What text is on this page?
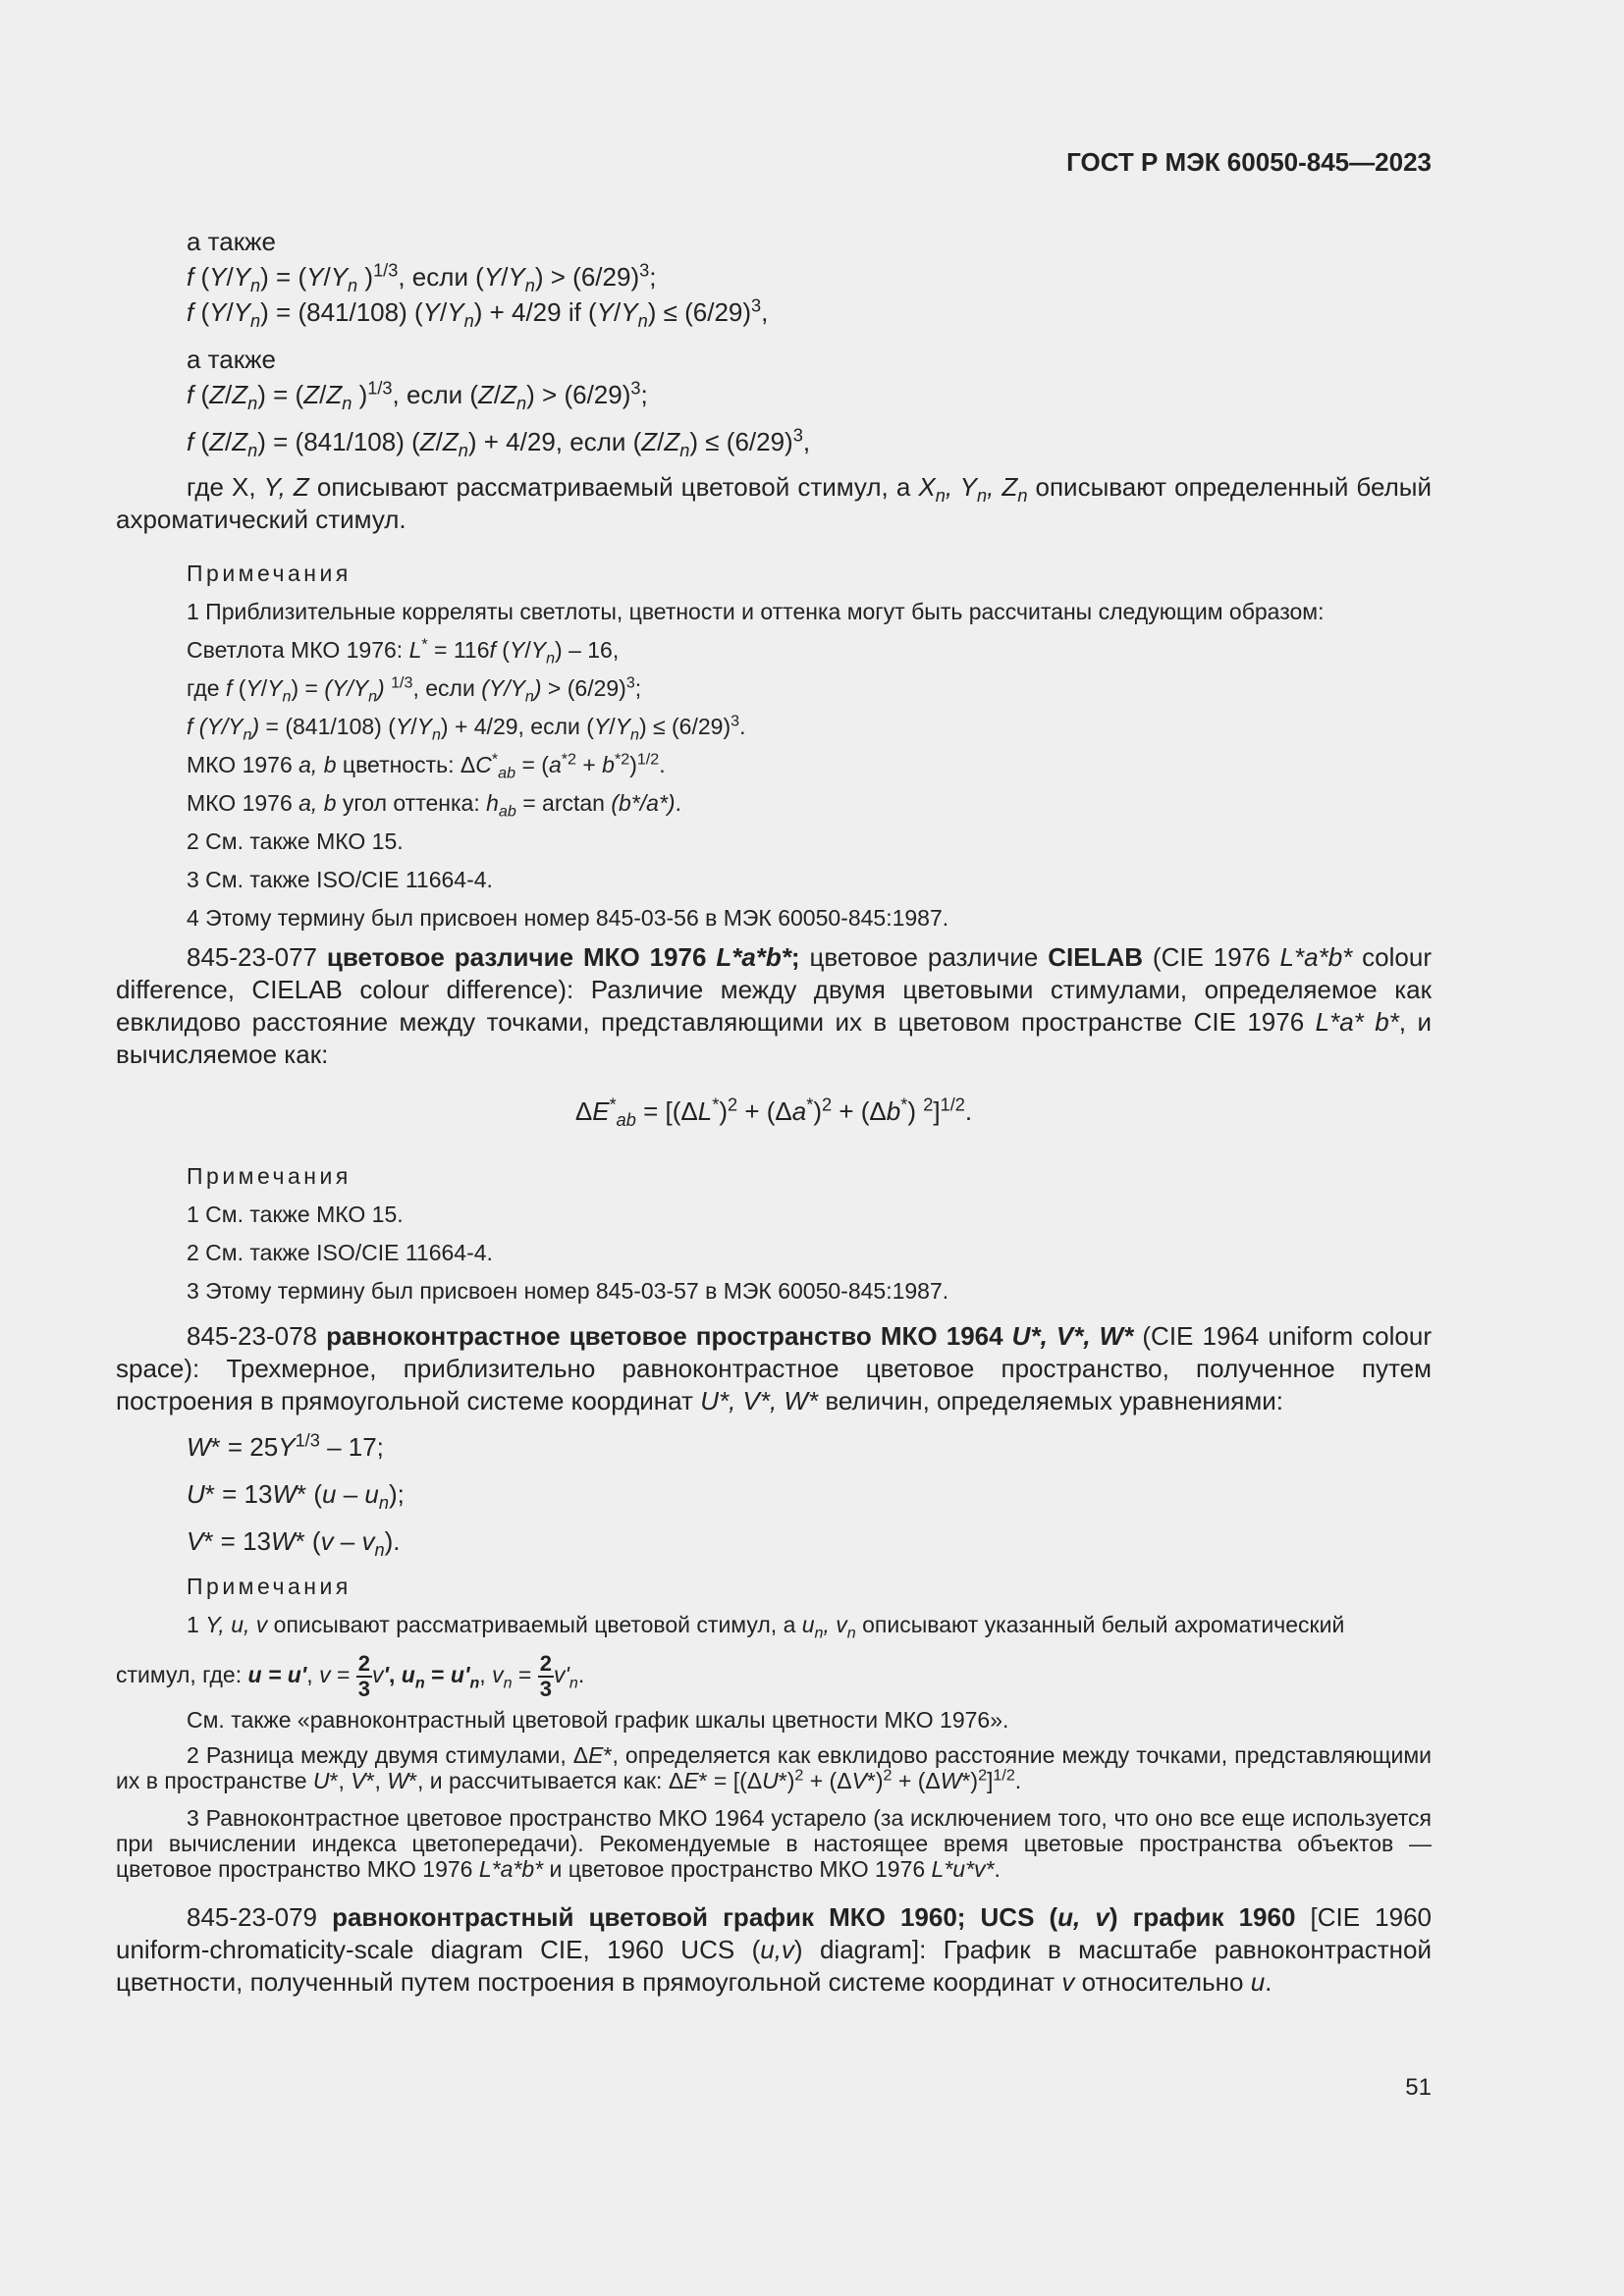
ГОСТ Р МЭК 60050-845—2023

а также

f $(Y/Y_n) = (Y/Y_n$ )$^{1/3}$, если $(Y/Y_n) > (6/29)^3$;

f $(Y/Y_n) = (841/108) (Y/Y_n) + 4/29$ if $(Y/Y_n) \le (6/29)^3$,

а также

f $(Z/Z_n) = (Z/Z_n$ )$^{1/3}$, если $(Z/Z_n) > (6/29)^3$;

f $(Z/Z_n) = (841/108) (Z/Z_n) + 4/29$, если $(Z/Z_n) \le (6/29)^3$,

где X, Y, Z описывают рассматриваемый цветовой стимул, а $X_n$, $Y_n$, $Z_n$ описывают определенный белый ахроматический стимул.

Примечания

1 Приблизительные корреляты светлоты, цветности и оттенка могут быть рассчитаны следующим образом:

Светлота МКО 1976: L* = 116f $(Y/Y_n) - 16$,

где f $(Y/Y_n) = (Y/Y_n)$ $^{1/3}$, если $(Y/Y_n) > (6/29)^3$;

f $(Y/Y_n) = (841/108) (Y/Y_n) + 4/29$, если $(Y/Y_n) \le (6/29)^3$.

МКО 1976 a, b цветность: $\Delta C^*_{ab} = (a^{*2} + b^{*2})^{1/2}$.

МКО 1976 a, b угол оттенка: $h_{ab} = \arctan (b*/a*)$.

2 См. также МКО 15.

3 См. также ISO/CIE 11664-4.

4 Этому термину был присвоен номер 845-03-56 в МЭК 60050-845:1987.

845-23-077 цветовое различие МКО 1976 L*a*b*; цветовое различие CIELAB (CIE 1976 L*a*b* colour difference, CIELAB colour difference): Различие между двумя цветовыми стимулами, определяемое как евклидово расстояние между точками, представляющими их в цветовом пространстве CIE 1976 L*a* b*, и вычисляемое как:

$\Delta E^*_{ab} = [(\Delta L^*)^2 + (\Delta a^*)^2 + (\Delta b^*)$ $^2$]$^{1/2}$.

Примечания

1 См. также МКО 15.

2 См. также ISO/CIE 11664-4.

3 Этому термину был присвоен номер 845-03-57 в МЭК 60050-845:1987.

845-23-078 равноконтрастное цветовое пространство МКО 1964 U*, V*, W* (CIE 1964 uniform colour space): Трехмерное, приблизительно равноконтрастное цветовое пространство, полученное путем построения в прямоугольной системе координат U*, V*, W* величин, определяемых уравнениями:

$W* = 25Y^{1/3} - 17$;

U* = 13W* $(u - u_n)$;

V* = 13W* $(v - v_n)$.

Примечания

1 Y, u, v описывают рассматриваемый цветовой стимул, а $u_n$, $v_n$ описывают указанный белый ахроматический

стимул, где: u = u', $v = \frac{2}{3} v'$, $u_n = u'_n$, $v_n = \frac{2}{3} v'_n$.

См. также «равноконтрастный цветовой график шкалы цветности МКО 1976».

2 Разница между двумя стимулами, ΔE*, определяется как евклидово расстояние между точками, представляющими их в пространстве U*, V*, W*, и рассчитывается как: $\Delta E* = [(\Delta U*)^2 + (\Delta V*)^2 + (\Delta W*)^2]^{1/2}$.

3 Равноконтрастное цветовое пространство МКО 1964 устарело (за исключением того, что оно все еще используется при вычислении индекса цветопередачи). Рекомендуемые в настоящее время цветовые пространства объектов — цветовое пространство МКО 1976 L*a*b* и цветовое пространство МКО 1976 L*u*v*.

845-23-079 равноконтрастный цветовой график МКО 1960; UCS (u, v) график 1960 [CIE 1960 uniform-chromaticity-scale diagram CIE, 1960 UCS (u,v) diagram]: График в масштабе равноконтрастной цветности, полученный путем построения в прямоугольной системе координат v относительно u.

51
